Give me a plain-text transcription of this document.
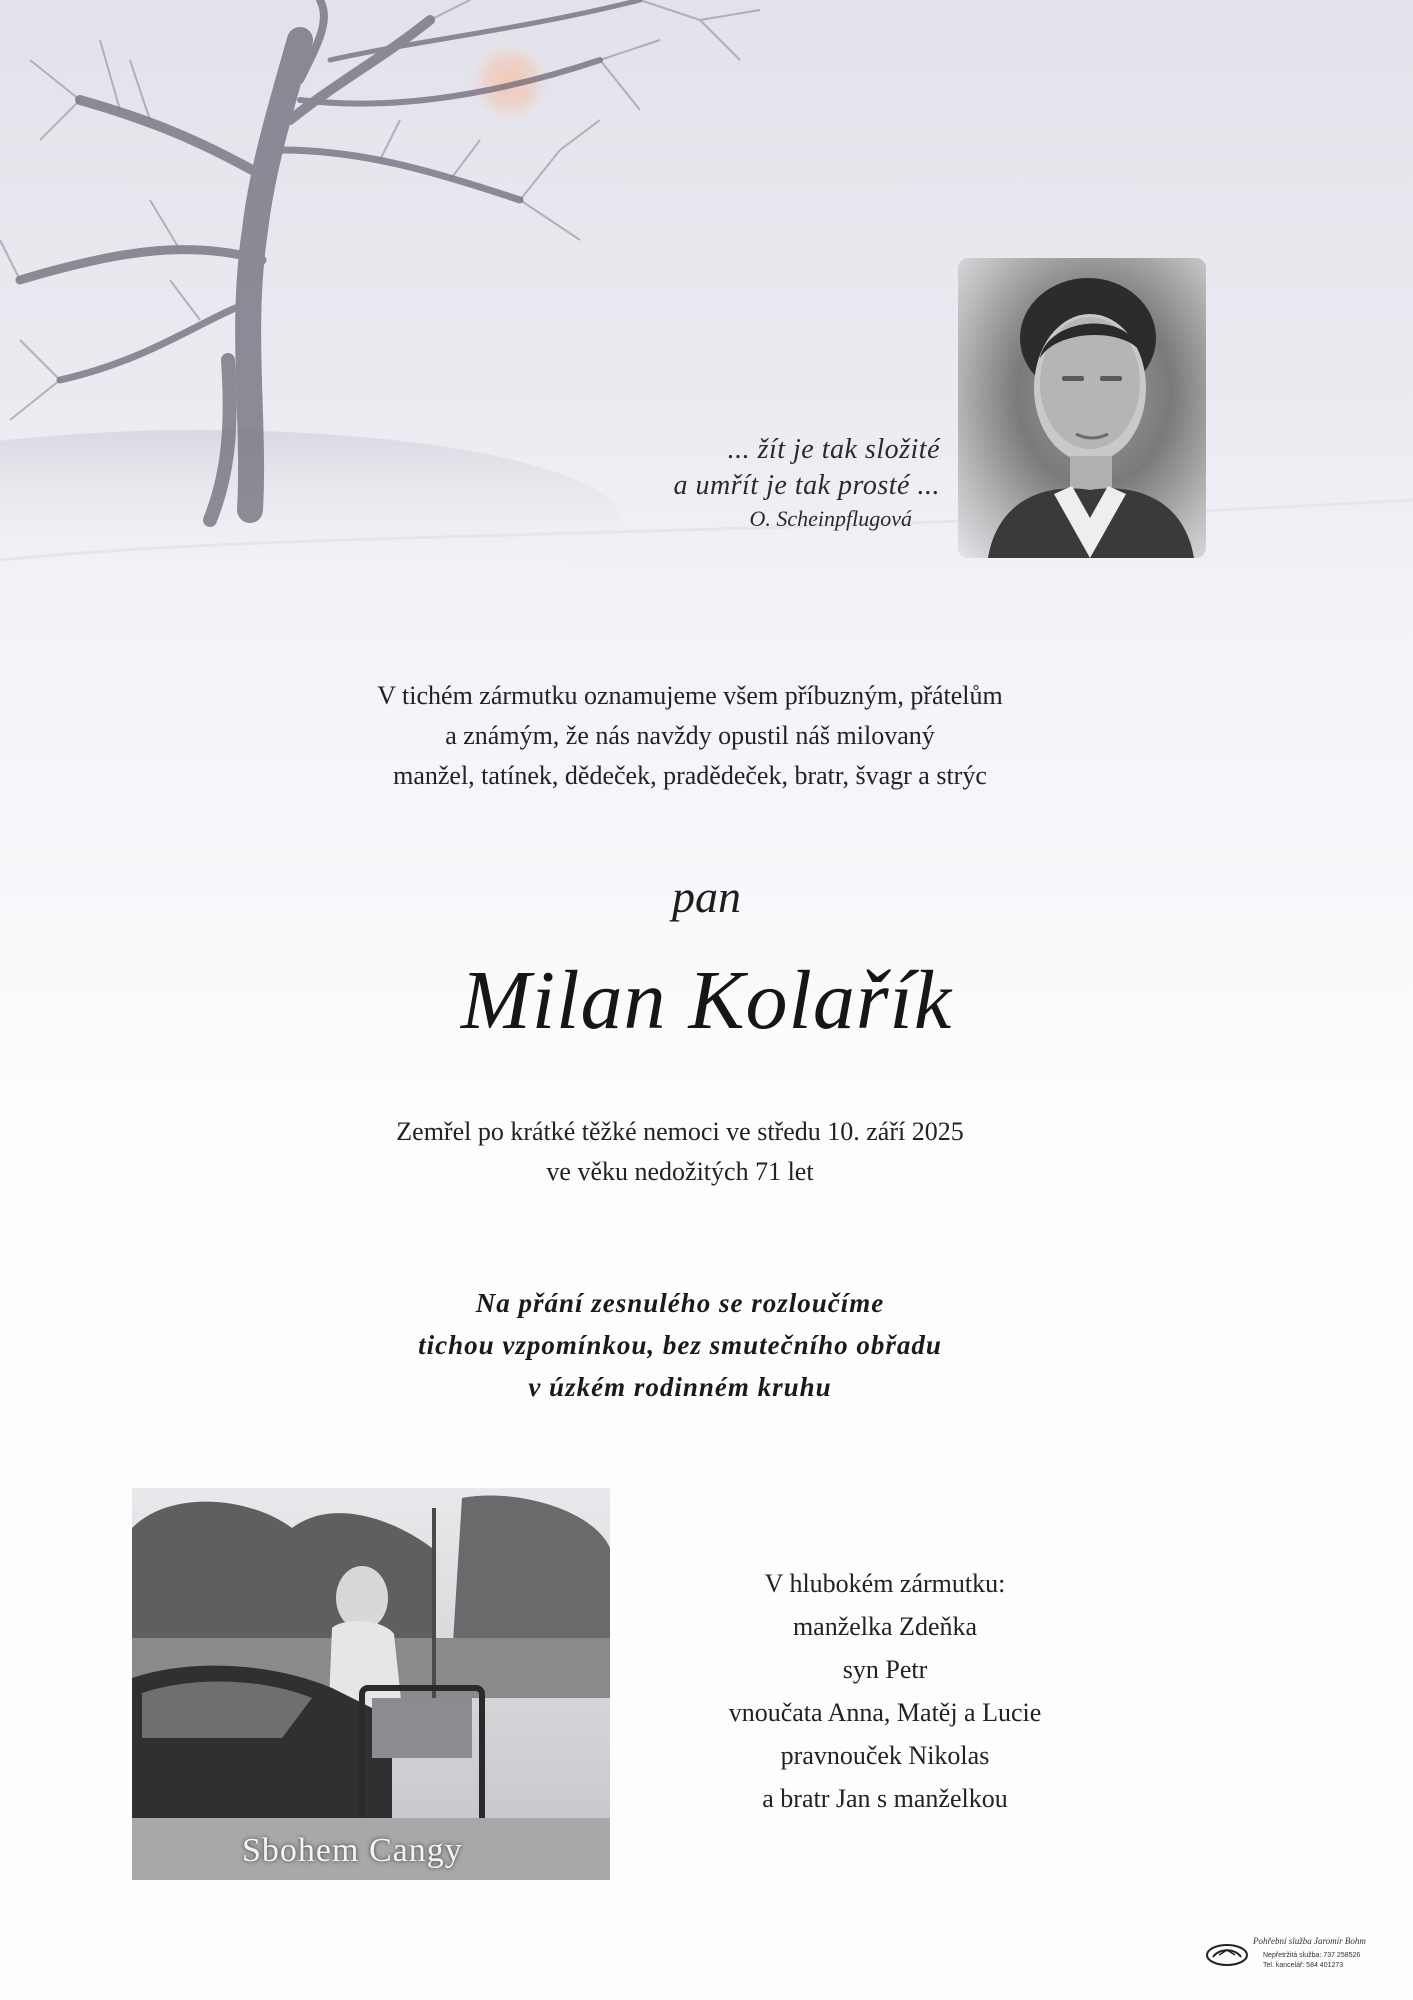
... žít je tak složité
a umřít je tak prosté ...
O. Scheinpflugová
V tichém zármutku oznamujeme všem příbuzným, přátelům
a známým, že nás navždy opustil náš milovaný
manžel, tatínek, dědeček, pradědeček, bratr, švagr a strýc
pan
Milan Kolařík
Zemřel po krátké těžké nemoci ve středu 10. září 2025
ve věku nedožitých 71 let
Na přání zesnulého se rozloučíme
tichou vzpomínkou, bez smutečního obřadu
v úzkém rodinném kruhu
Sbohem Cangy
V hlubokém zármutku:
manželka Zdeňka
syn Petr
vnoučata Anna, Matěj a Lucie
pravnouček Nikolas
a bratr Jan s manželkou
Pohřební služba Jaromír Bohm
Nepřetržitá služba: 737 258526
Tel. kancelář: 584 401273
